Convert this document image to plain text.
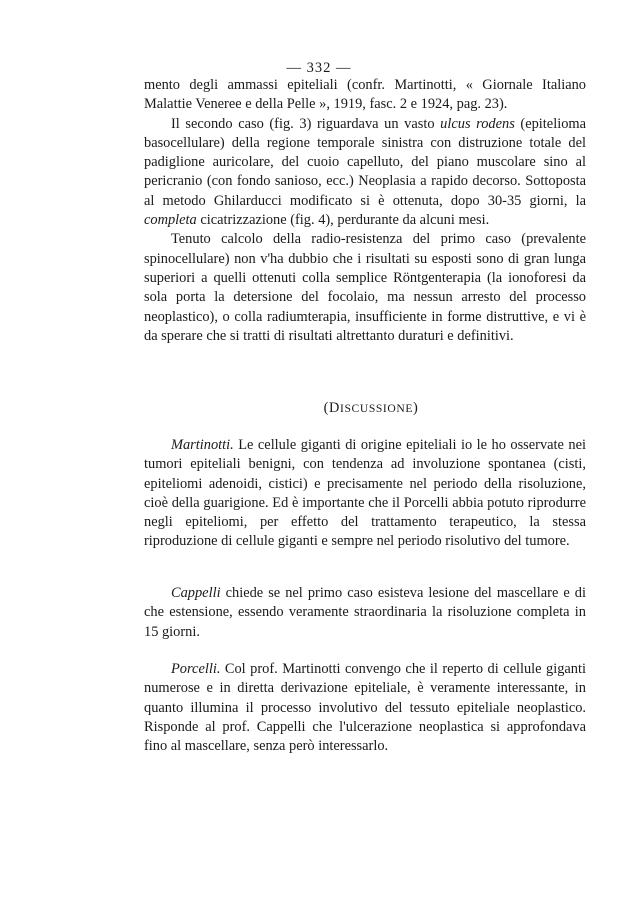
— 332 —

mento degli ammassi epiteliali (confr. Martinotti, « Giornale Italiano Malattie Veneree e della Pelle », 1919, fasc. 2 e 1924, pag. 23).

Il secondo caso (fig. 3) riguardava un vasto ulcus rodens (epitelioma basocellulare) della regione temporale sinistra con distruzione totale del padiglione auricolare, del cuoio capelluto, del piano muscolare sino al pericranio (con fondo sanioso, ecc.) Neoplasia a rapido decorso. Sottoposta al metodo Ghilarducci modificato si è ottenuta, dopo 30-35 giorni, la completa cicatrizzazione (fig. 4), perdurante da alcuni mesi.

Tenuto calcolo della radio-resistenza del primo caso (prevalente spinocellulare) non v'ha dubbio che i risultati su esposti sono di gran lunga superiori a quelli ottenuti colla semplice Röntgenterapia (la ionoforesi da sola porta la detersione del focolaio, ma nessun arresto del processo neoplastico), o colla radiumterapia, insufficiente in forme distruttive, e vi è da sperare che si tratti di risultati altrettanto duraturi e definitivi.

(DISCUSSIONE)

Martinotti. Le cellule giganti di origine epiteliali io le ho osservate nei tumori epiteliali benigni, con tendenza ad involuzione spontanea (cisti, epiteliomi adenoidi, cistici) e precisamente nel periodo della risoluzione, cioè della guarigione. Ed è importante che il Porcelli abbia potuto riprodurre negli epiteliomi, per effetto del trattamento terapeutico, la stessa riproduzione di cellule giganti e sempre nel periodo risolutivo del tumore.

Cappelli chiede se nel primo caso esisteva lesione del mascellare e di che estensione, essendo veramente straordinaria la risoluzione completa in 15 giorni.

Porcelli. Col prof. Martinotti convengo che il reperto di cellule giganti numerose e in diretta derivazione epiteliale, è veramente interessante, in quanto illumina il processo involutivo del tessuto epiteliale neoplastico. Risponde al prof. Cappelli che l'ulcerazione neoplastica si approfondava fino al mascellare, senza però interessarlo.
